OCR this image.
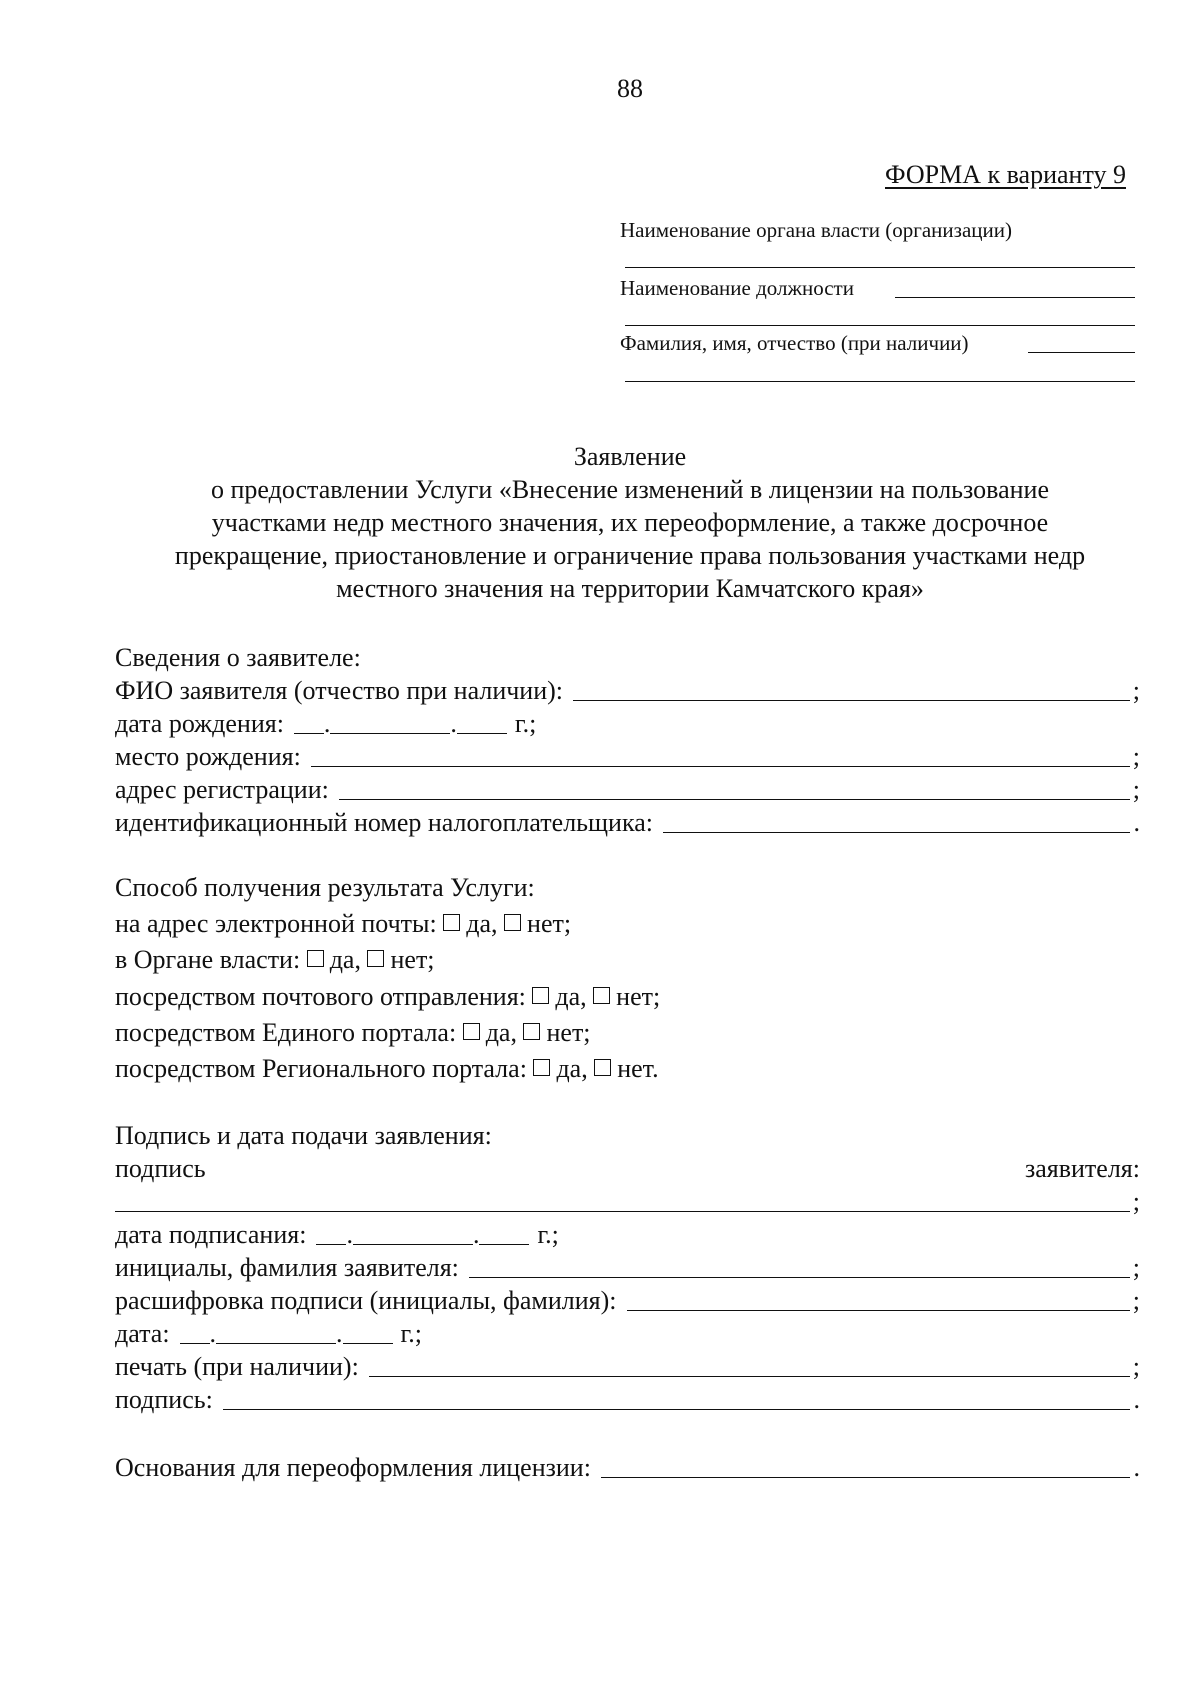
88
ФОРМА к варианту 9
Наименование органа власти (организации)
Наименование должности
Фамилия, имя, отчество (при наличии)

Заявление

о предоставлении Услуги «Внесение изменений в лицензии на пользование

участками недр местного значения, их переоформление, а также досрочное

прекращение, приостановление и ограничение права пользования участками недр

местного значения на территории Камчатского края»

Сведения о заявителе:
ФИО заявителя (отчество при наличии):	;
дата рождения: .	. г.;
место рождения:	;
адрес регистрации:	;
идентификационный номер налогоплательщика:	.
Способ получения результата Услуги:
на адрес электронной почты: да, нет;
в Органе власти: да, нет;
посредством почтового отправления: да, нет;
посредством Единого портала: да, нет;
посредством Регионального портала: да, нет.
Подпись и дата подачи заявления:
подпись	заявителя:
;
дата подписания: .	. г.;
инициалы, фамилия заявителя:	;
расшифровка подписи (инициалы, фамилия):	;
дата: .	. г.;
печать (при наличии):	;
подпись:	.
Основания для переоформления лицензии:	.
